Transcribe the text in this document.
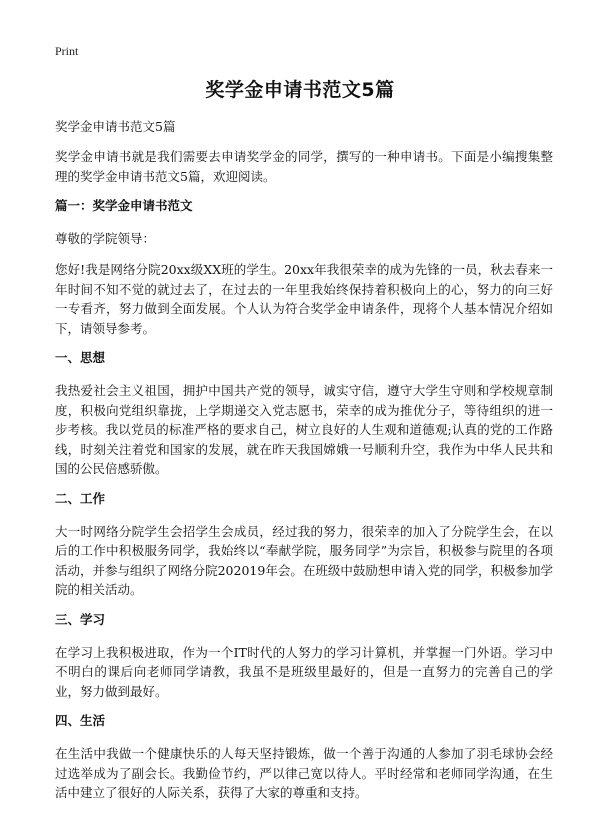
Print
奖学金申请书范文5篇
奖学金申请书范文5篇

奖学金申请书就是我们需要去申请奖学金的同学，撰写的一种申请书。下面是小编搜集整理的奖学金申请书范文5篇，欢迎阅读。

篇一：奖学金申请书范文
尊敬的学院领导：

您好!我是网络分院20xx级XX班的学生。20xx年我很荣幸的成为先锋的一员，秋去春来一年时间不知不觉的就过去了，在过去的一年里我始终保持着积极向上的心，努力的向三好一专看齐，努力做到全面发展。个人认为符合奖学金申请条件，现将个人基本情况介绍如下，请领导参考。

一、思想

我热爱社会主义祖国，拥护中国共产党的领导，诚实守信，遵守大学生守则和学校规章制度，积极向党组织靠拢，上学期递交入党志愿书，荣幸的成为推优分子，等待组织的进一步考核。我以党员的标准严格的要求自己，树立良好的人生观和道德观;认真的党的工作路线，时刻关注着党和国家的发展，就在昨天我国嫦娥一号顺利升空，我作为中华人民共和国的公民倍感骄傲。

二、工作

大一时网络分院学生会招学生会成员，经过我的努力，很荣幸的加入了分院学生会，在以后的工作中积极服务同学，我始终以“奉献学院，服务同学”为宗旨，积极参与院里的各项活动，并参与组织了网络分院202019年会。在班级中鼓励想申请入党的同学，积极参加学院的相关活动。

三、学习

在学习上我积极进取，作为一个IT时代的人努力的学习计算机，并掌握一门外语。学习中不明白的课后向老师同学请教，我虽不是班级里最好的，但是一直努力的完善自己的学业，努力做到最好。

四、生活

在生活中我做一个健康快乐的人每天坚持锻炼，做一个善于沟通的人参加了羽毛球协会经过选举成为了副会长。我勤俭节约，严以律己宽以待人。平时经常和老师同学沟通，在生活中建立了很好的人际关系，获得了大家的尊重和支持。
